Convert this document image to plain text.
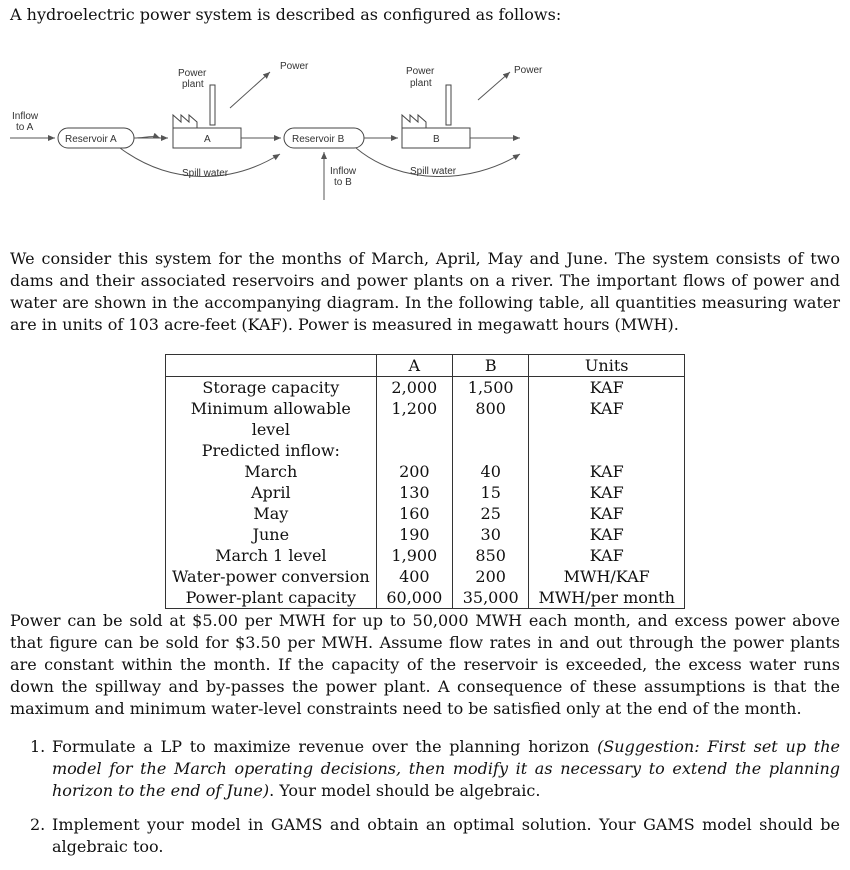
A hydroelectric power system is described as configured as follows:
Inflow
to A
Reservoir A
Power
plant
A
Power
Spill water
Reservoir B
Inflow
to B
Power
plant
B
Power
Spill water
We consider this system for the months of March, April, May and June. The system consists of two dams and their associated reservoirs and power plants on a river. The important flows of power and water are shown in the accompanying diagram. In the following table, all quantities measuring water are in units of 103 acre-feet (KAF). Power is measured in megawatt hours (MWH).
	A	B	Units
Storage capacity	2,000	1,500	KAF
Minimum allowable level	1,200	800	KAF
Predicted inflow:			
March	200	40	KAF
April	130	15	KAF
May	160	25	KAF
June	190	30	KAF
March 1 level	1,900	850	KAF
Water-power conversion	400	200	MWH/KAF
Power-plant capacity	60,000	35,000	MWH/per month
Power can be sold at $5.00 per MWH for up to 50,000 MWH each month, and excess power above that figure can be sold for $3.50 per MWH. Assume flow rates in and out through the power plants are constant within the month. If the capacity of the reservoir is exceeded, the excess water runs down the spillway and by-passes the power plant. A consequence of these assumptions is that the maximum and minimum water-level constraints need to be satisfied only at the end of the month.
1. Formulate a LP to maximize revenue over the planning horizon (Suggestion: First set up the model for the March operating decisions, then modify it as necessary to extend the planning horizon to the end of June). Your model should be algebraic.
2. Implement your model in GAMS and obtain an optimal solution. Your GAMS model should be algebraic too.
